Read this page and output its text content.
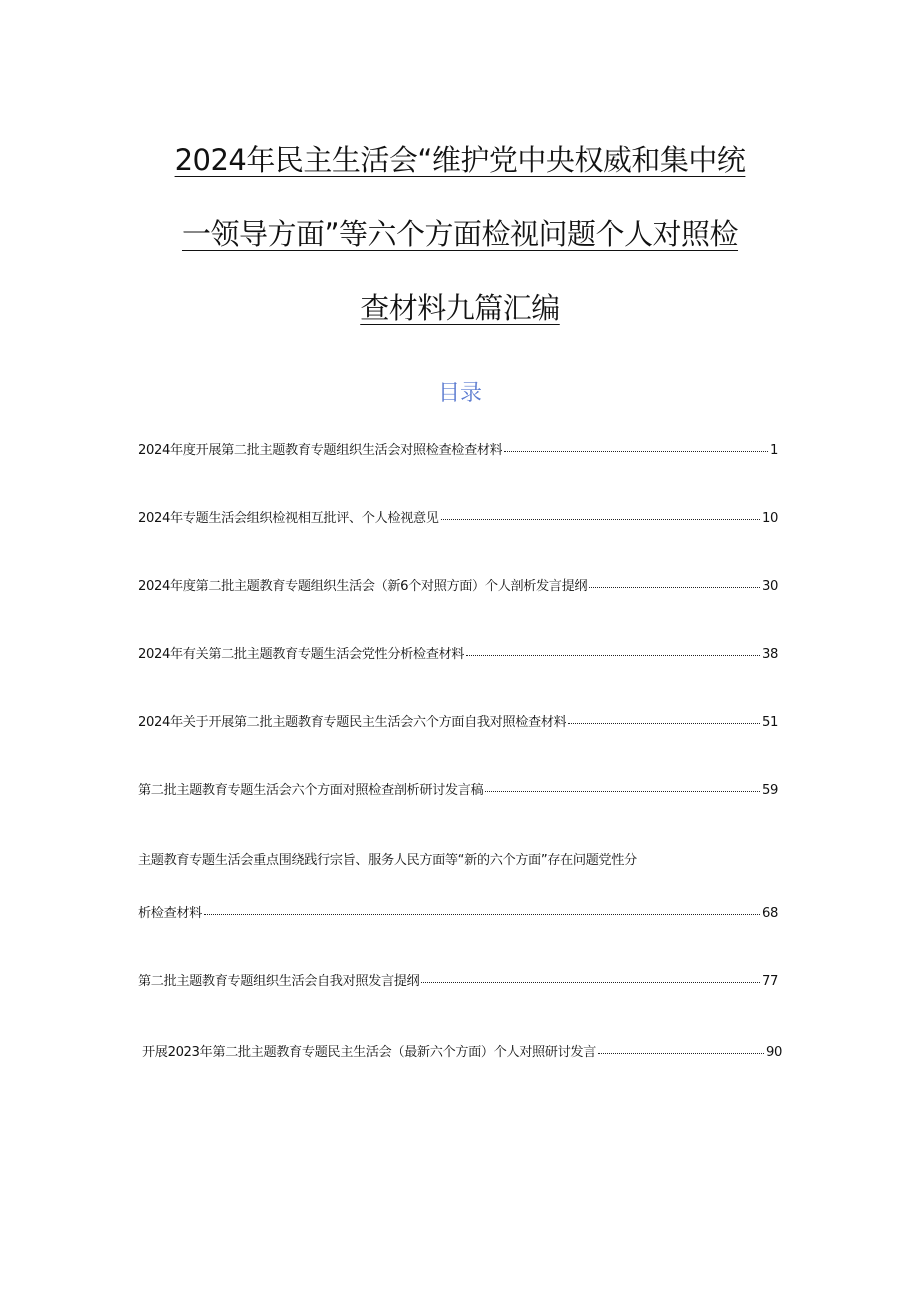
2024年民主生活会“维护党中央权威和集中统
一领导方面”等六个方面检视问题个人对照检
查材料九篇汇编
目录
2024年度开展第二批主题教育专题组织生活会对照检查检查材料	1
2024年专题生活会组织检视相互批评、个人检视意见	10
2024年度第二批主题教育专题组织生活会（新6个对照方面）个人剖析发言提纲	30
2024年有关第二批主题教育专题生活会党性分析检查材料	38
2024年关于开展第二批主题教育专题民主生活会六个方面自我对照检查材料	51
第二批主题教育专题生活会六个方面对照检查剖析研讨发言稿	59
主题教育专题生活会重点围绕践行宗旨、服务人民方面等“新的六个方面”存在问题党性分
析检查材料	68
第二批主题教育专题组织生活会自我对照发言提纲	77
开展2023年第二批主题教育专题民主生活会（最新六个方面）个人对照研讨发言	90
